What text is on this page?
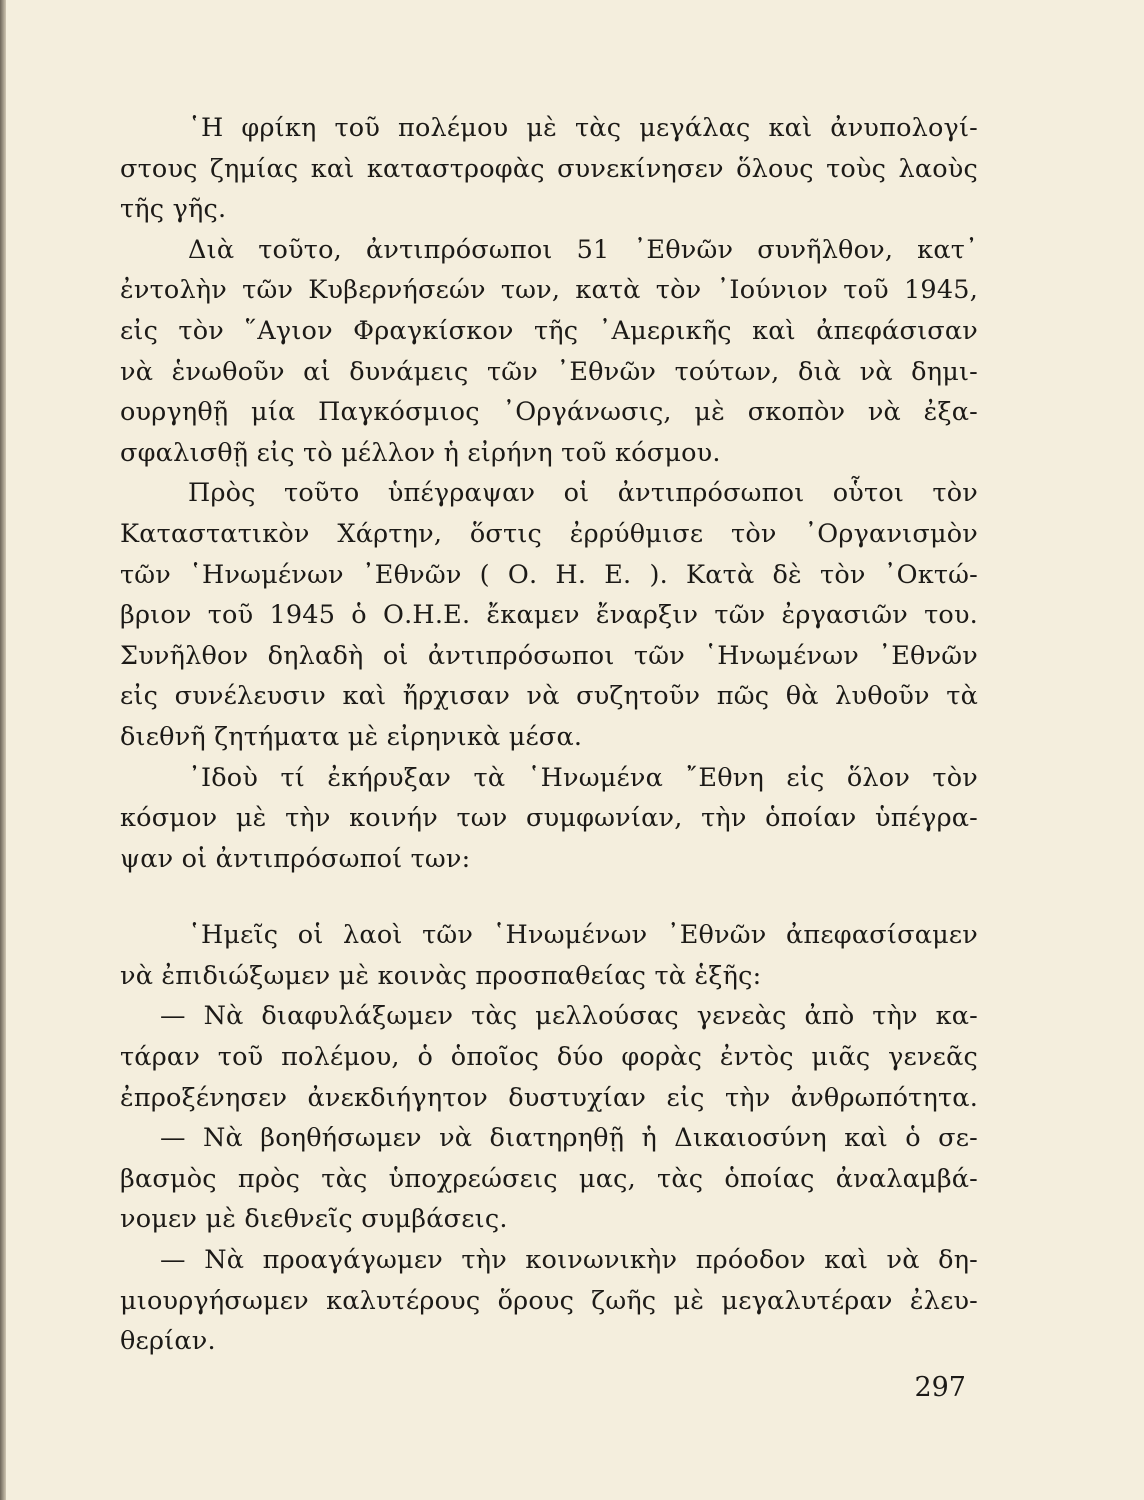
῾Η φρίκη τοῦ πολέμου μὲ τὰς μεγάλας καὶ ἀνυπολογί-
στους ζημίας καὶ καταστροφὰς συνεκίνησεν ὅλους τοὺς λαοὺς
τῆς γῆς.
Διὰ τοῦτο, ἀντιπρόσωποι 51 ᾿Εθνῶν συνῆλθον, κατ᾿
ἐντολὴν τῶν Κυβερνήσεών των, κατὰ τὸν ᾿Ιούνιον τοῦ 1945,
εἰς τὸν ῞Αγιον Φραγκίσκον τῆς ᾿Αμερικῆς καὶ ἀπεφάσισαν
νὰ ἑνωθοῦν αἱ δυνάμεις τῶν ᾿Εθνῶν τούτων, διὰ νὰ δημι-
ουργηθῇ μία Παγκόσμιος ᾿Οργάνωσις, μὲ σκοπὸν νὰ ἐξα-
σφαλισθῇ εἰς τὸ μέλλον ἡ εἰρήνη τοῦ κόσμου.
Πρὸς τοῦτο ὑπέγραψαν οἱ ἀντιπρόσωποι οὗτοι τὸν
Καταστατικὸν Χάρτην, ὅστις ἐρρύθμισε τὸν ᾿Οργανισμὸν
τῶν ῾Ηνωμένων ᾿Εθνῶν ( Ο. Η. Ε. ). Κατὰ δὲ τὸν ᾿Οκτώ-
βριον τοῦ 1945 ὁ Ο.Η.Ε. ἔκαμεν ἔναρξιν τῶν ἐργασιῶν του.
Συνῆλθον δηλαδὴ οἱ ἀντιπρόσωποι τῶν ῾Ηνωμένων ᾿Εθνῶν
εἰς συνέλευσιν καὶ ἤρχισαν νὰ συζητοῦν πῶς θὰ λυθοῦν τὰ
διεθνῆ ζητήματα μὲ εἰρηνικὰ μέσα.
᾿Ιδοὺ τί ἐκήρυξαν τὰ ῾Ηνωμένα ῎Εθνη εἰς ὅλον τὸν
κόσμον μὲ τὴν κοινήν των συμφωνίαν, τὴν ὁποίαν ὑπέγρα-
ψαν οἱ ἀντιπρόσωποί των:
῾Ημεῖς οἱ λαοὶ τῶν ῾Ηνωμένων ᾿Εθνῶν ἀπεφασίσαμεν
νὰ ἐπιδιώξωμεν μὲ κοινὰς προσπαθείας τὰ ἑξῆς:
— Νὰ διαφυλάξωμεν τὰς μελλούσας γενεὰς ἀπὸ τὴν κα-
τάραν τοῦ πολέμου, ὁ ὁποῖος δύο φορὰς ἐντὸς μιᾶς γενεᾶς
ἐπροξένησεν ἀνεκδιήγητον δυστυχίαν εἰς τὴν ἀνθρωπότητα.
— Νὰ βοηθήσωμεν νὰ διατηρηθῇ ἡ Δικαιοσύνη καὶ ὁ σε-
βασμὸς πρὸς τὰς ὑποχρεώσεις μας, τὰς ὁποίας ἀναλαμβά-
νομεν μὲ διεθνεῖς συμβάσεις.
— Νὰ προαγάγωμεν τὴν κοινωνικὴν πρόοδον καὶ νὰ δη-
μιουργήσωμεν καλυτέρους ὅρους ζωῆς μὲ μεγαλυτέραν ἐλευ-
θερίαν.
297
